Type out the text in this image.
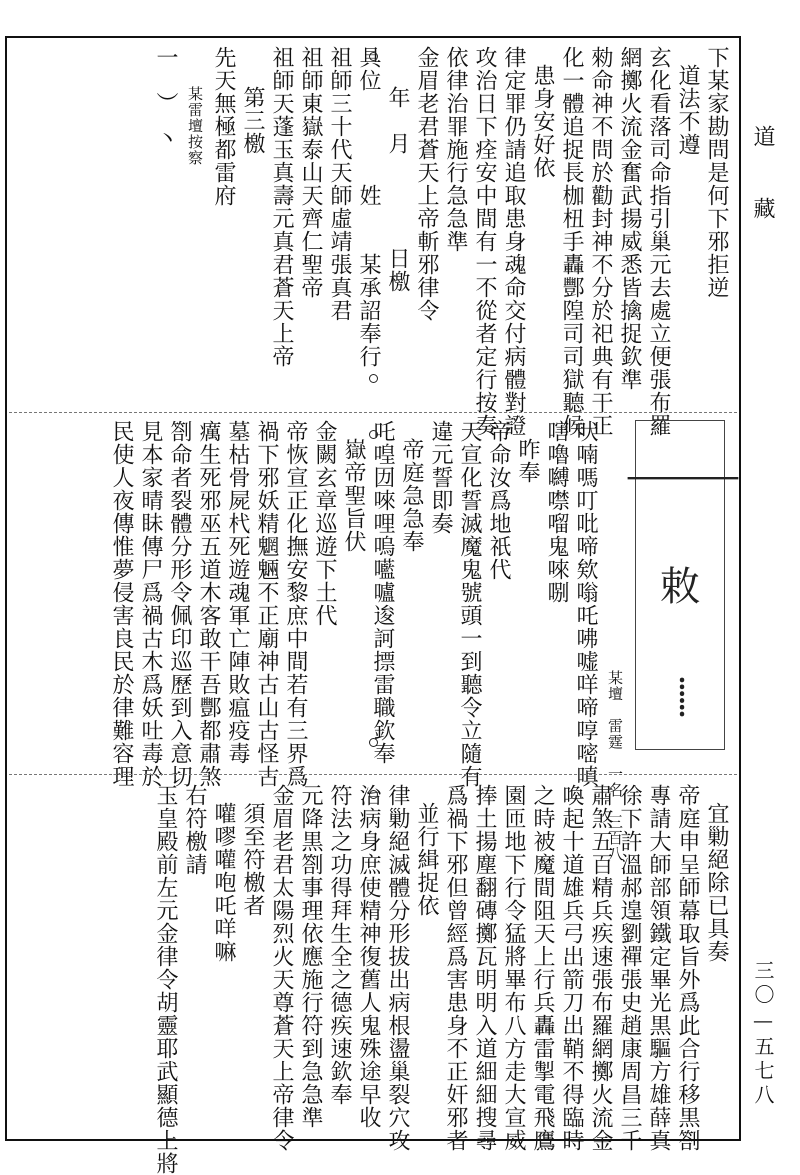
道　藏
三〇—五七八
下某家勘問是何下邪拒逆
道法不遵
玄化看落司命指引巢元去處立便張布羅
網擲火流金奮武揚威悉皆擒捉欽準
勑命神不問於勸封神不分於祀典有干正
化一體追捉長枷杻手轟酆隍司司獄聽候
患身安好依
律定罪仍請追取患身魂命交付病體對證
攻治日下痊安中間有一不從者定行按奏
依律治罪施行急急準
金眉老君蒼天上帝斬邪律令
年　月　　　　日檄
具位　　　　姓　　某承詔奉行
祖師三十代天師虛靖張真君
祖師東嶽泰山天齊仁聖帝
祖師天蓬玉真壽元真君蒼天上帝
第三檄
先天無極都雷府
某雷壇按察
一　）　丶
⸻
敕
⸽
某壇　雷霆　一名　三百八
吠喃嗎叮吡啼欸嗡吒咈嘘咩啼啍嘧嗔
嗐嚕嚩噤𠺕鬼唻哵
昨奉
帝命汝爲地祇代
天宣化誓滅魔鬼號頭一到聽令立隨有
違元誓即奏
帝庭急急奉
吒喤㘞唻哩嗚㘕嚧逡訶摽雷職欽奉
嶽帝聖旨伏
金闕玄章巡遊下土代
帝恢宣正化撫安黎庶中間若有三界爲
禍下邪妖精魍魎不正廟神古山古怪古
墓枯骨屍杙死遊魂軍亡陣敗瘟疫毒
癘生死邪巫五道木客敢干吾酆都肅煞
劄命者裂體分形令佩印巡歷到入意切
見本家晴眛傳尸爲禍古木爲妖吐毒於
民使人夜傳惟夢侵害良民於律難容理
宜勦絕除已具奏
帝庭申呈師幕取旨外爲此合行移黒劄
專請大師部領鐵定畢光黒驅方雄薛真
徐下許溫郝遑劉禪張史趙康周昌三千
肅煞五百精兵疾速張布羅網擲火流金
喚起十道雄兵弓出箭刀出鞘不得臨時
之時被魔間阻天上行兵轟雷掣電飛鷹
園匝地下行令猛將畢布八方走大宣威
捧土揚塵翻磚擲瓦明明入道細細搜尋
爲禍下邪但曾經爲害患身不正奸邪者
並行緝捉依
律勦絕滅體分形拔出病根盪巢裂穴攻
治病身庶使精神復舊人鬼殊途早收
符法之功得拜生全之德疾速欽奉
元降黒劄事理依應施行符到急急準
金眉老君太陽烈火天尊蒼天上帝律令
須至符檄者
嚾嘐嚾咆吒咩嘛
右符檄請
玉皇殿前左元金律令胡靈耶武顯德上將
